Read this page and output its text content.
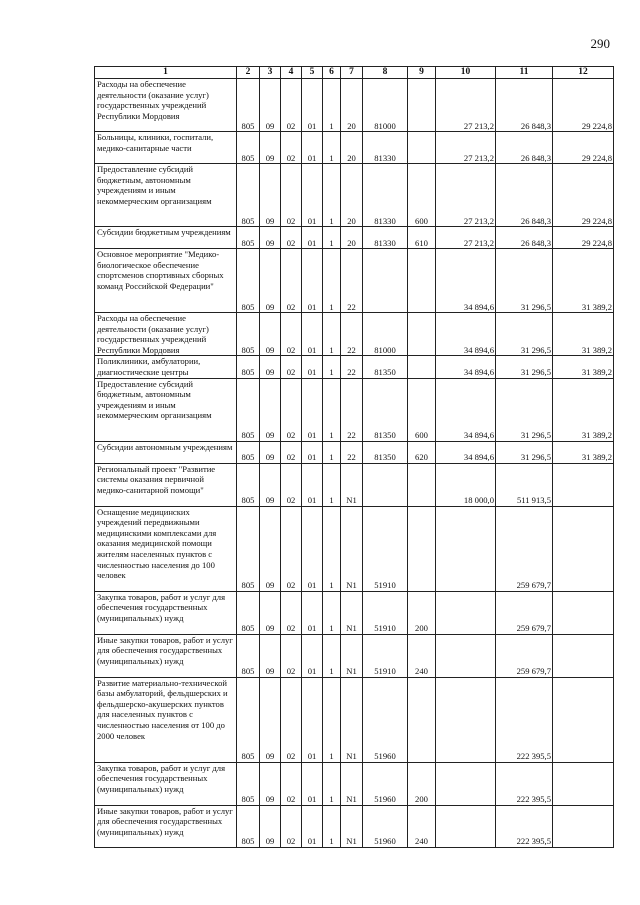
290
1	2	3	4	5	6	7	8	9	10	11	12
Расходы на обеспечение деятельности (оказание услуг) государственных учреждений Республики Мордовия	805	09	02	01	1	20	81000		27 213,2	26 848,3	29 224,8
Больницы, клиники, госпитали, медико-санитарные части	805	09	02	01	1	20	81330		27 213,2	26 848,3	29 224,8
Предоставление субсидий бюджетным, автономным учреждениям и иным некоммерческим организациям	805	09	02	01	1	20	81330	600	27 213,2	26 848,3	29 224,8
Субсидии бюджетным учреждениям	805	09	02	01	1	20	81330	610	27 213,2	26 848,3	29 224,8
Основное мероприятие "Медико-биологическое обеспечение спортсменов спортивных сборных команд Российской Федерации"	805	09	02	01	1	22			34 894,6	31 296,5	31 389,2
Расходы на обеспечение деятельности (оказание услуг) государственных учреждений Республики Мордовия	805	09	02	01	1	22	81000		34 894,6	31 296,5	31 389,2
Поликлиники, амбулатории, диагностические центры	805	09	02	01	1	22	81350		34 894,6	31 296,5	31 389,2
Предоставление субсидий бюджетным, автономным учреждениям и иным некоммерческим организациям	805	09	02	01	1	22	81350	600	34 894,6	31 296,5	31 389,2
Субсидии автономным учреждениям	805	09	02	01	1	22	81350	620	34 894,6	31 296,5	31 389,2
Региональный проект "Развитие системы оказания первичной медико-санитарной помощи"	805	09	02	01	1	N1			18 000,0	511 913,5	
Оснащение медицинских учреждений передвижными медицинскими комплексами для оказания медицинской помощи жителям населенных пунктов с численностью населения до 100 человек	805	09	02	01	1	N1	51910			259 679,7	
Закупка товаров, работ и услуг для обеспечения государственных (муниципальных) нужд	805	09	02	01	1	N1	51910	200		259 679,7	
Иные закупки товаров, работ и услуг для обеспечения государственных (муниципальных) нужд	805	09	02	01	1	N1	51910	240		259 679,7	
Развитие материально-технической базы амбулаторий, фельдшерских и фельдшерско-акушерских пунктов для населенных пунктов с численностью населения от 100 до 2000 человек	805	09	02	01	1	N1	51960			222 395,5	
Закупка товаров, работ и услуг для обеспечения государственных (муниципальных) нужд	805	09	02	01	1	N1	51960	200		222 395,5	
Иные закупки товаров, работ и услуг для обеспечения государственных (муниципальных) нужд	805	09	02	01	1	N1	51960	240		222 395,5	
